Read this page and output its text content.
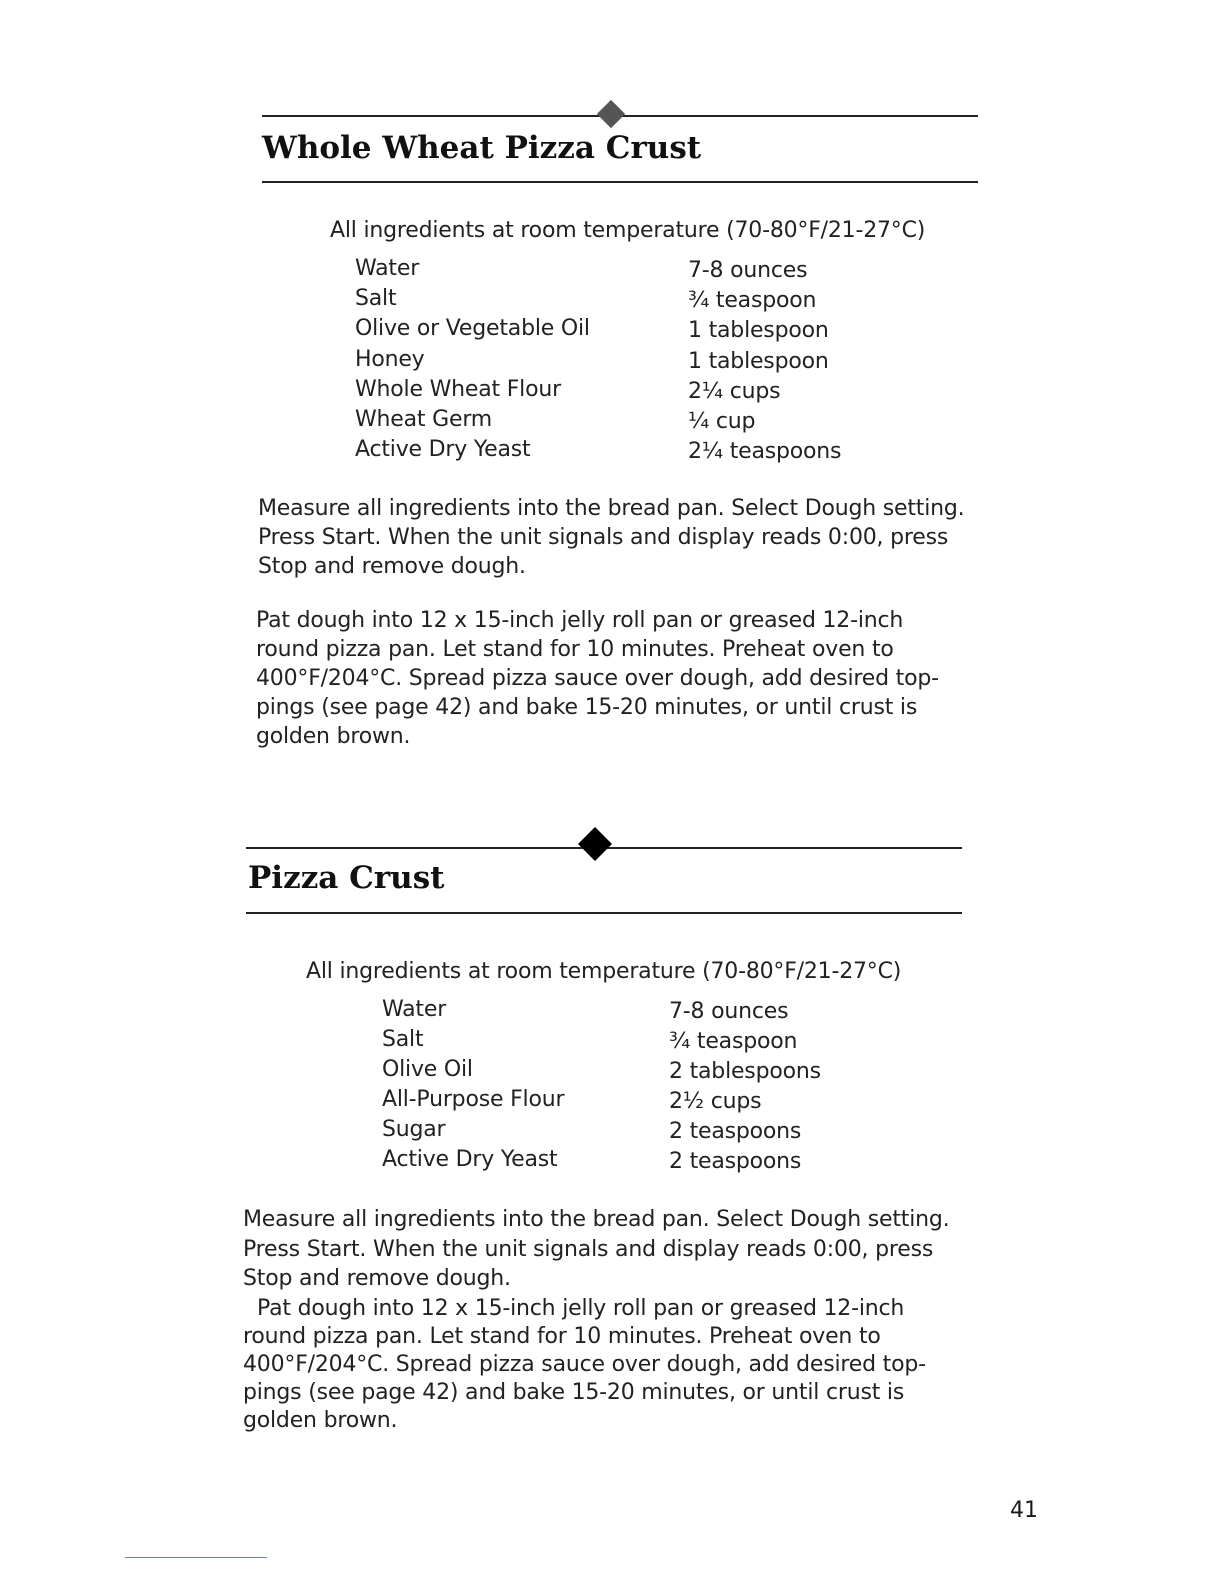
Whole Wheat Pizza Crust
All ingredients at room temperature (70-80°F/21-27°C)
Water	7-8 ounces
Salt	¾ teaspoon
Olive or Vegetable Oil	1 tablespoon
Honey	1 tablespoon
Whole Wheat Flour	2¼ cups
Wheat Germ	¼ cup
Active Dry Yeast	2¼ teaspoons
Measure all ingredients into the bread pan. Select Dough setting.
Press Start. When the unit signals and display reads 0:00, press
Stop and remove dough.
Pat dough into 12 x 15-inch jelly roll pan or greased 12-inch
round pizza pan. Let stand for 10 minutes. Preheat oven to
400°F/204°C. Spread pizza sauce over dough, add desired top-
pings (see page 42) and bake 15-20 minutes, or until crust is
golden brown.
Pizza Crust
All ingredients at room temperature (70-80°F/21-27°C)
Water	7-8 ounces
Salt	¾ teaspoon
Olive Oil	2 tablespoons
All-Purpose Flour	2½ cups
Sugar	2 teaspoons
Active Dry Yeast	2 teaspoons
Measure all ingredients into the bread pan. Select Dough setting.
Press Start. When the unit signals and display reads 0:00, press
Stop and remove dough.
Pat dough into 12 x 15-inch jelly roll pan or greased 12-inch
round pizza pan. Let stand for 10 minutes. Preheat oven to
400°F/204°C. Spread pizza sauce over dough, add desired top-
pings (see page 42) and bake 15-20 minutes, or until crust is
golden brown.
41
